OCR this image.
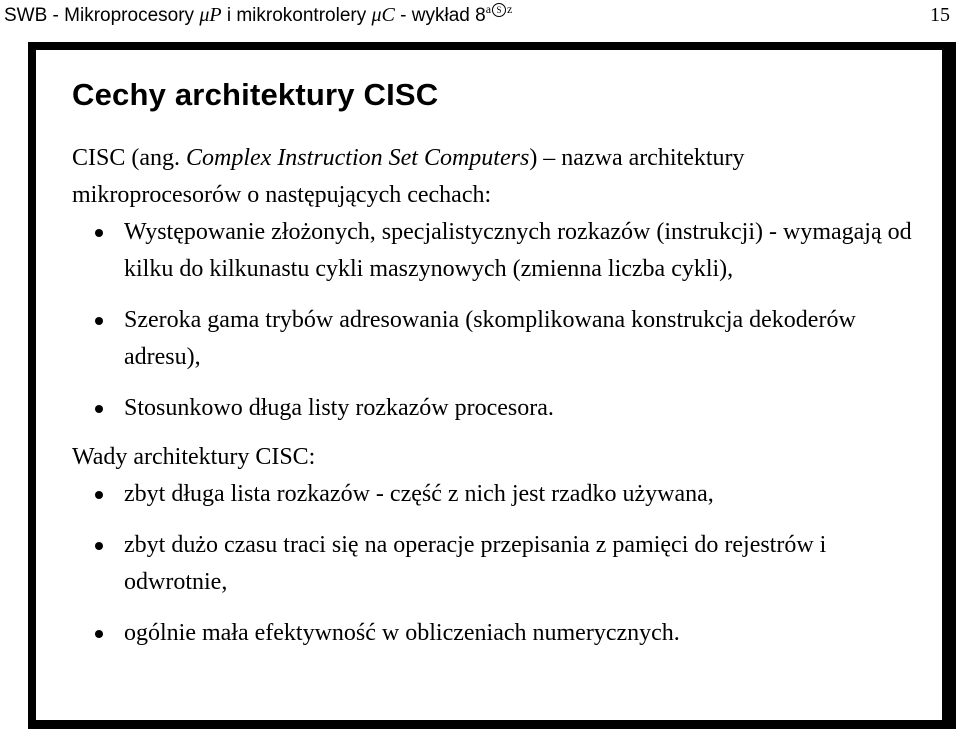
SWB - Mikroprocesory μP i mikrokontrolery μC - wykład $8^{a S z}$	15
Cechy architektury CISC

CISC (ang. Complex Instruction Set Computers) – nazwa architektury mikroprocesorów o następujących cechach:

Występowanie złożonych, specjalistycznych rozkazów (instrukcji) - wymagają od kilku do kilkunastu cykli maszynowych (zmienna liczba cykli),
Szeroka gama trybów adresowania (skomplikowana konstrukcja dekoderów adresu),
Stosunkowo długa listy rozkazów procesora.

Wady architektury CISC:

zbyt długa lista rozkazów - część z nich jest rzadko używana,
zbyt dużo czasu traci się na operacje przepisania z pamięci do rejestrów i odwrotnie,
ogólnie mała efektywność w obliczeniach numerycznych.
